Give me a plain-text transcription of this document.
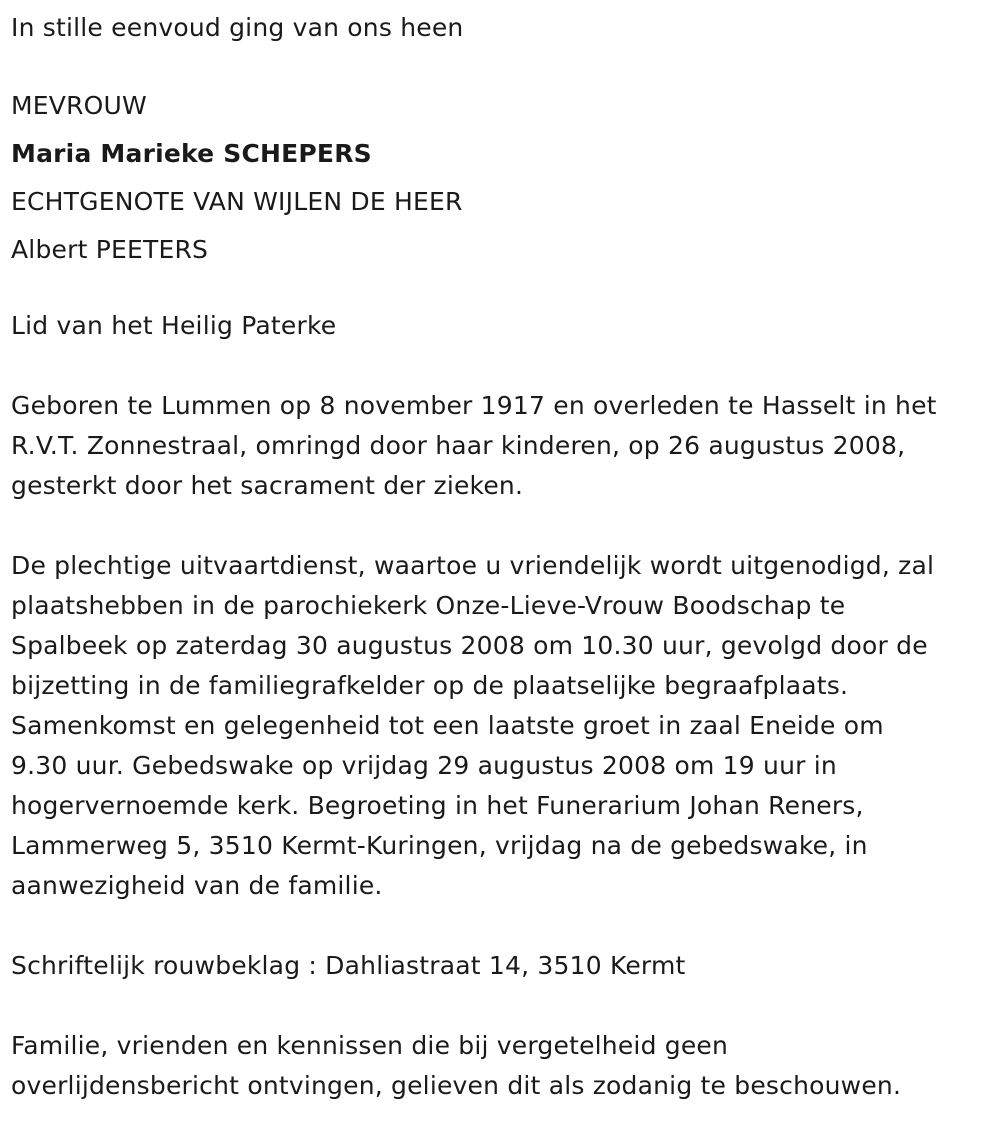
In stille eenvoud ging van ons heen

MEVROUW

Maria Marieke SCHEPERS

ECHTGENOTE VAN WIJLEN DE HEER

Albert PEETERS

Lid van het Heilig Paterke

Geboren te Lummen op 8 november 1917 en overleden te Hasselt in het

R.V.T. Zonnestraal, omringd door haar kinderen, op 26 augustus 2008,

gesterkt door het sacrament der zieken.

De plechtige uitvaartdienst, waartoe u vriendelijk wordt uitgenodigd, zal

plaatshebben in de parochiekerk Onze-Lieve-Vrouw Boodschap te

Spalbeek op zaterdag 30 augustus 2008 om 10.30 uur, gevolgd door de

bijzetting in de familiegrafkelder op de plaatselijke begraafplaats.

Samenkomst en gelegenheid tot een laatste groet in zaal Eneide om

9.30 uur. Gebedswake op vrijdag 29 augustus 2008 om 19 uur in

hogervernoemde kerk. Begroeting in het Funerarium Johan Reners,

Lammerweg 5, 3510 Kermt-Kuringen, vrijdag na de gebedswake, in

aanwezigheid van de familie.

Schriftelijk rouwbeklag : Dahliastraat 14, 3510 Kermt

Familie, vrienden en kennissen die bij vergetelheid geen

overlijdensbericht ontvingen, gelieven dit als zodanig te beschouwen.
